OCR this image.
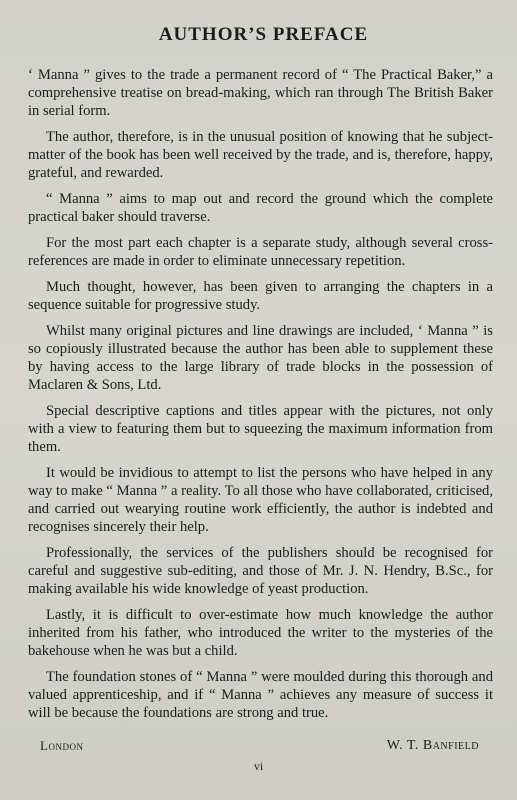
AUTHOR’S PREFACE

‘ Manna ” gives to the trade a permanent record of “ The Practical Baker,” a comprehensive treatise on bread-making, which ran through The British Baker in serial form.

The author, therefore, is in the unusual position of knowing that he subject-matter of the book has been well received by the trade, and is, therefore, happy, grateful, and rewarded.

“ Manna ” aims to map out and record the ground which the complete practical baker should traverse.

For the most part each chapter is a separate study, although several cross-references are made in order to eliminate unnecessary repetition.

Much thought, however, has been given to arranging the chapters in a sequence suitable for progressive study.

Whilst many original pictures and line drawings are included, ‘ Manna ” is so copiously illustrated because the author has been able to supplement these by having access to the large library of trade blocks in the possession of Maclaren & Sons, Ltd.

Special descriptive captions and titles appear with the pictures, not only with a view to featuring them but to squeezing the maximum information from them.

It would be invidious to attempt to list the persons who have helped in any way to make “ Manna ” a reality. To all those who have collaborated, criticised, and carried out wearying routine work efficiently, the author is indebted and recognises sincerely their help.

Professionally, the services of the publishers should be recognised for careful and suggestive sub-editing, and those of Mr. J. N. Hendry, B.Sc., for making available his wide knowledge of yeast production.

Lastly, it is difficult to over-estimate how much knowledge the author inherited from his father, who introduced the writer to the mysteries of the bakehouse when he was but a child.

The foundation stones of “ Manna ” were moulded during this thorough and valued apprenticeship, and if “ Manna ” achieves any measure of success it will be because the foundations are strong and true.

London	W. T. Banfield
vi
